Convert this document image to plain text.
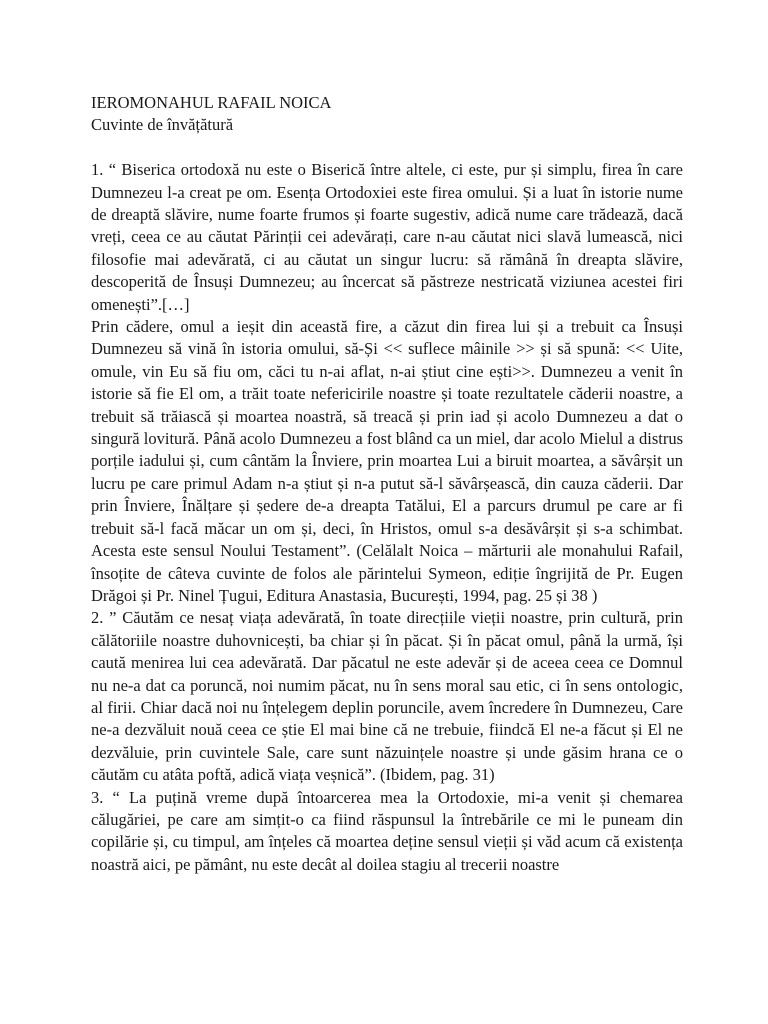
IEROMONAHUL RAFAIL NOICA
Cuvinte de învățătură

1. “ Biserica ortodoxă nu este o Biserică între altele, ci este, pur și simplu, firea în care Dumnezeu l-a creat pe om. Esența Ortodoxiei este firea omului. Și a luat în istorie nume de dreaptă slăvire, nume foarte frumos și foarte sugestiv, adică nume care trădează, dacă vreți, ceea ce au căutat Părinții cei adevărați, care n-au căutat nici slavă lumească, nici filosofie mai adevărată, ci au căutat un singur lucru: să rămână în dreapta slăvire, descoperită de Însuși Dumnezeu; au încercat să păstreze nestricată viziunea acestei firi omenești”.[…]

Prin cădere, omul a ieșit din această fire, a căzut din firea lui și a trebuit ca Însuși Dumnezeu să vină în istoria omului, să-Și << suflece mâinile >> și să spună: << Uite, omule, vin Eu să fiu om, căci tu n-ai aflat, n-ai știut cine ești>>. Dumnezeu a venit în istorie să fie El om, a trăit toate nefericirile noastre și toate rezultatele căderii noastre, a trebuit să trăiască și moartea noastră, să treacă și prin iad și acolo Dumnezeu a dat o singură lovitură. Până acolo Dumnezeu a fost blând ca un miel, dar acolo Mielul a distrus porțile iadului și, cum cântăm la Înviere, prin moartea Lui a biruit moartea, a săvârșit un lucru pe care primul Adam n-a știut și n-a putut să-l săvârșească, din cauza căderii. Dar prin Înviere, Înălțare și ședere de-a dreapta Tatălui, El a parcurs drumul pe care ar fi trebuit să-l facă măcar un om și, deci, în Hristos, omul s-a desăvârșit și s-a schimbat. Acesta este sensul Noului Testament”. (Celălalt Noica – mărturii ale monahului Rafail, însoțite de câteva cuvinte de folos ale părintelui Symeon, ediție îngrijită de Pr. Eugen Drăgoi și Pr. Ninel Țugui, Editura Anastasia, București, 1994, pag. 25 și 38 )

2. ” Căutăm ce nesaț viața adevărată, în toate direcțiile vieții noastre, prin cultură, prin călătoriile noastre duhovnicești, ba chiar și în păcat. Și în păcat omul, până la urmă, își caută menirea lui cea adevărată. Dar păcatul ne este adevăr și de aceea ceea ce Domnul nu ne-a dat ca poruncă, noi numim păcat, nu în sens moral sau etic, ci în sens ontologic, al firii. Chiar dacă noi nu înțelegem deplin poruncile, avem încredere în Dumnezeu, Care ne-a dezvăluit nouă ceea ce știe El mai bine că ne trebuie, fiindcă El ne-a făcut și El ne dezvăluie, prin cuvintele Sale, care sunt năzuințele noastre și unde găsim hrana ce o căutăm cu atâta poftă, adică viața veșnică”. (Ibidem, pag. 31)

3. “ La puțină vreme după întoarcerea mea la Ortodoxie, mi-a venit și chemarea călugăriei, pe care am simțit-o ca fiind răspunsul la întrebările ce mi le puneam din copilărie și, cu timpul, am înțeles că moartea deține sensul vieții și văd acum că existența noastră aici, pe pământ, nu este decât al doilea stagiu al trecerii noastre
